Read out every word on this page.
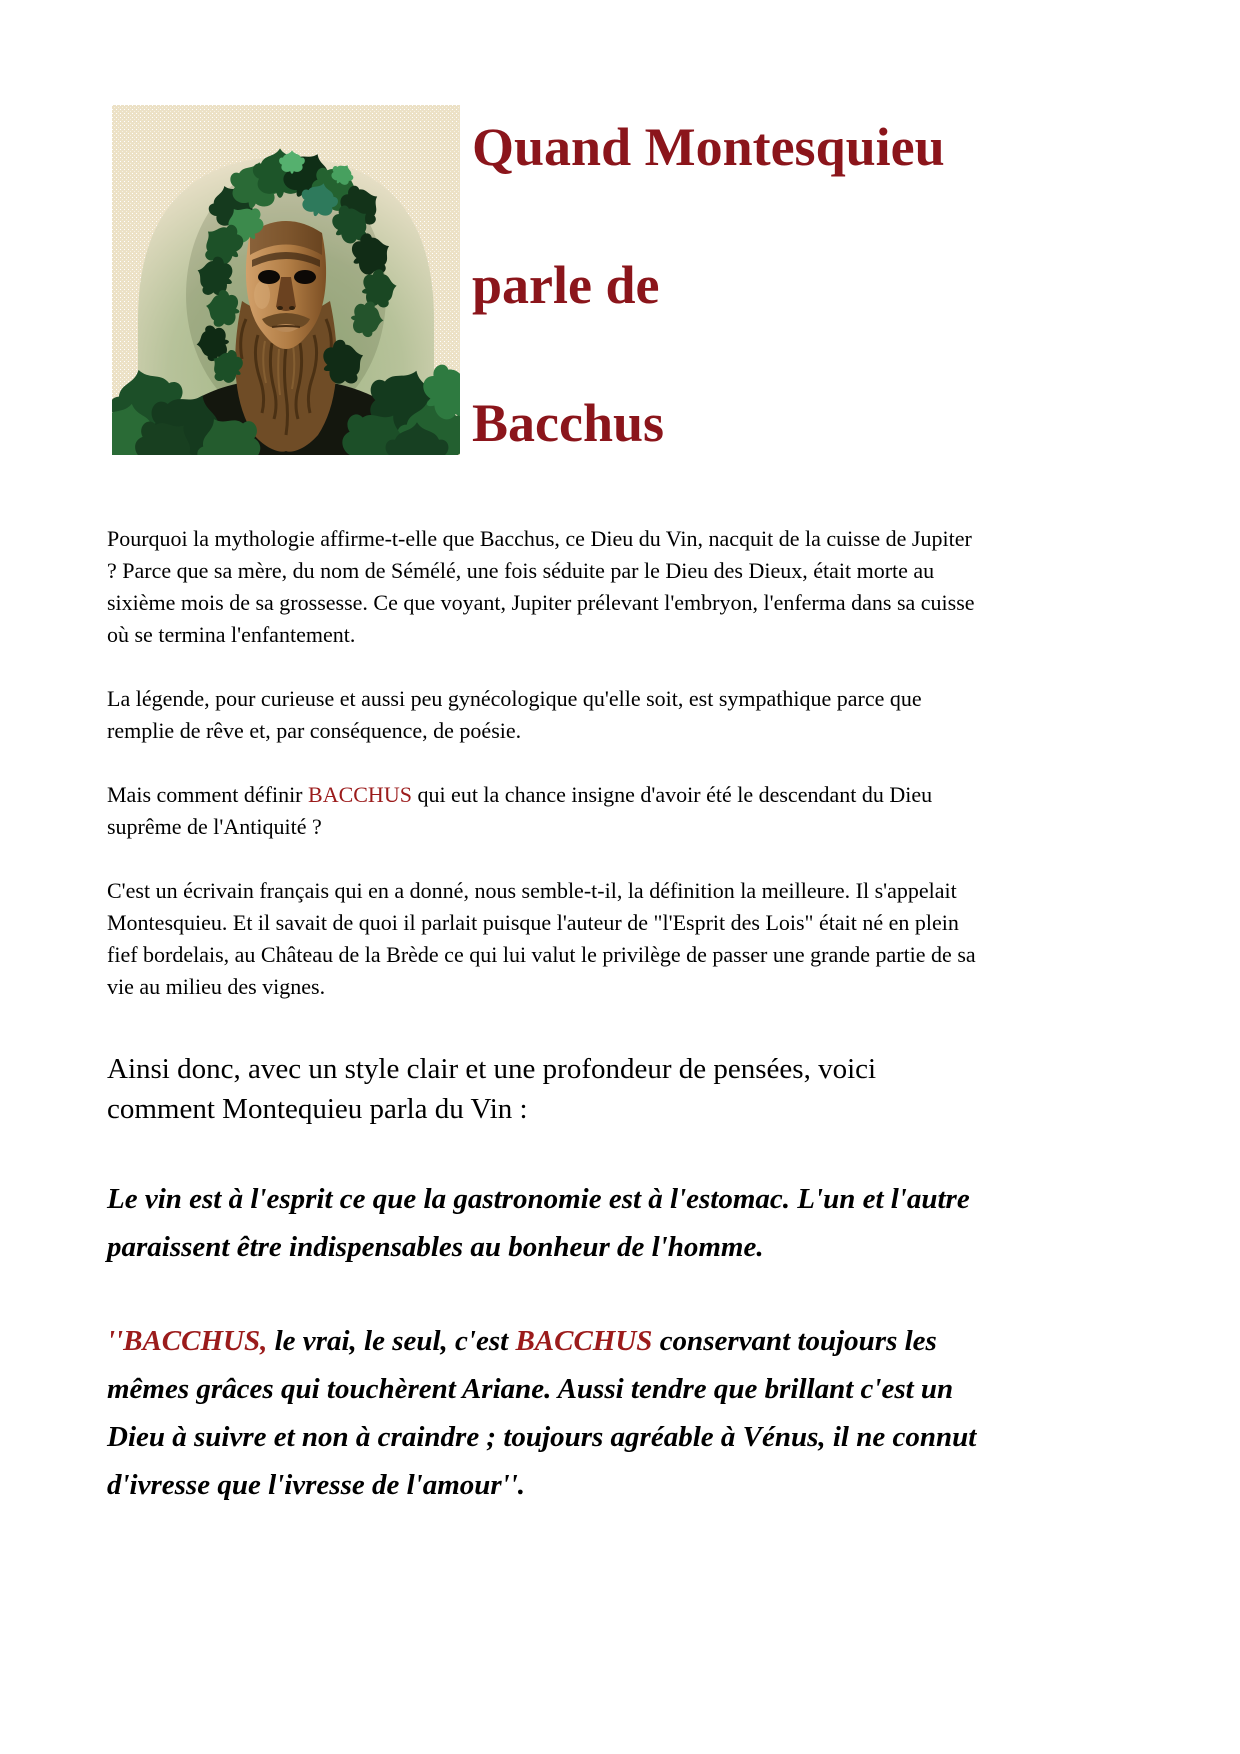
Quand Montesquieu
parle de
Bacchus

Pourquoi la mythologie affirme-t-elle que Bacchus, ce Dieu du Vin, nacquit de la cuisse de Jupiter ? Parce que sa mère, du nom de Sémélé, une fois séduite par le Dieu des Dieux, était morte au sixième mois de sa grossesse. Ce que voyant, Jupiter prélevant l'embryon, l'enferma dans sa cuisse où se termina l'enfantement.

La légende, pour curieuse et aussi peu gynécologique qu'elle soit, est sympathique parce que remplie de rêve et, par conséquence, de poésie.

Mais comment définir BACCHUS qui eut la chance insigne d'avoir été le descendant du Dieu suprême de l'Antiquité ?

C'est un écrivain français qui en a donné, nous semble-t-il, la définition la meilleure. Il s'appelait Montesquieu. Et il savait de quoi il parlait puisque l'auteur de "l'Esprit des Lois" était né en plein fief bordelais, au Château de la Brède ce qui lui valut le privilège de passer une grande partie de sa vie au milieu des vignes.

Ainsi donc, avec un style clair et une profondeur de pensées, voici comment Montequieu parla du Vin :

Le vin est à l'esprit ce que la gastronomie est à l'estomac. L'un et l'autre paraissent être indispensables au bonheur de l'homme.

''BACCHUS, le vrai, le seul, c'est BACCHUS conservant toujours les mêmes grâces qui touchèrent Ariane. Aussi tendre que brillant c'est un Dieu à suivre et non à craindre ; toujours agréable à Vénus, il ne connut d'ivresse que l'ivresse de l'amour''.
